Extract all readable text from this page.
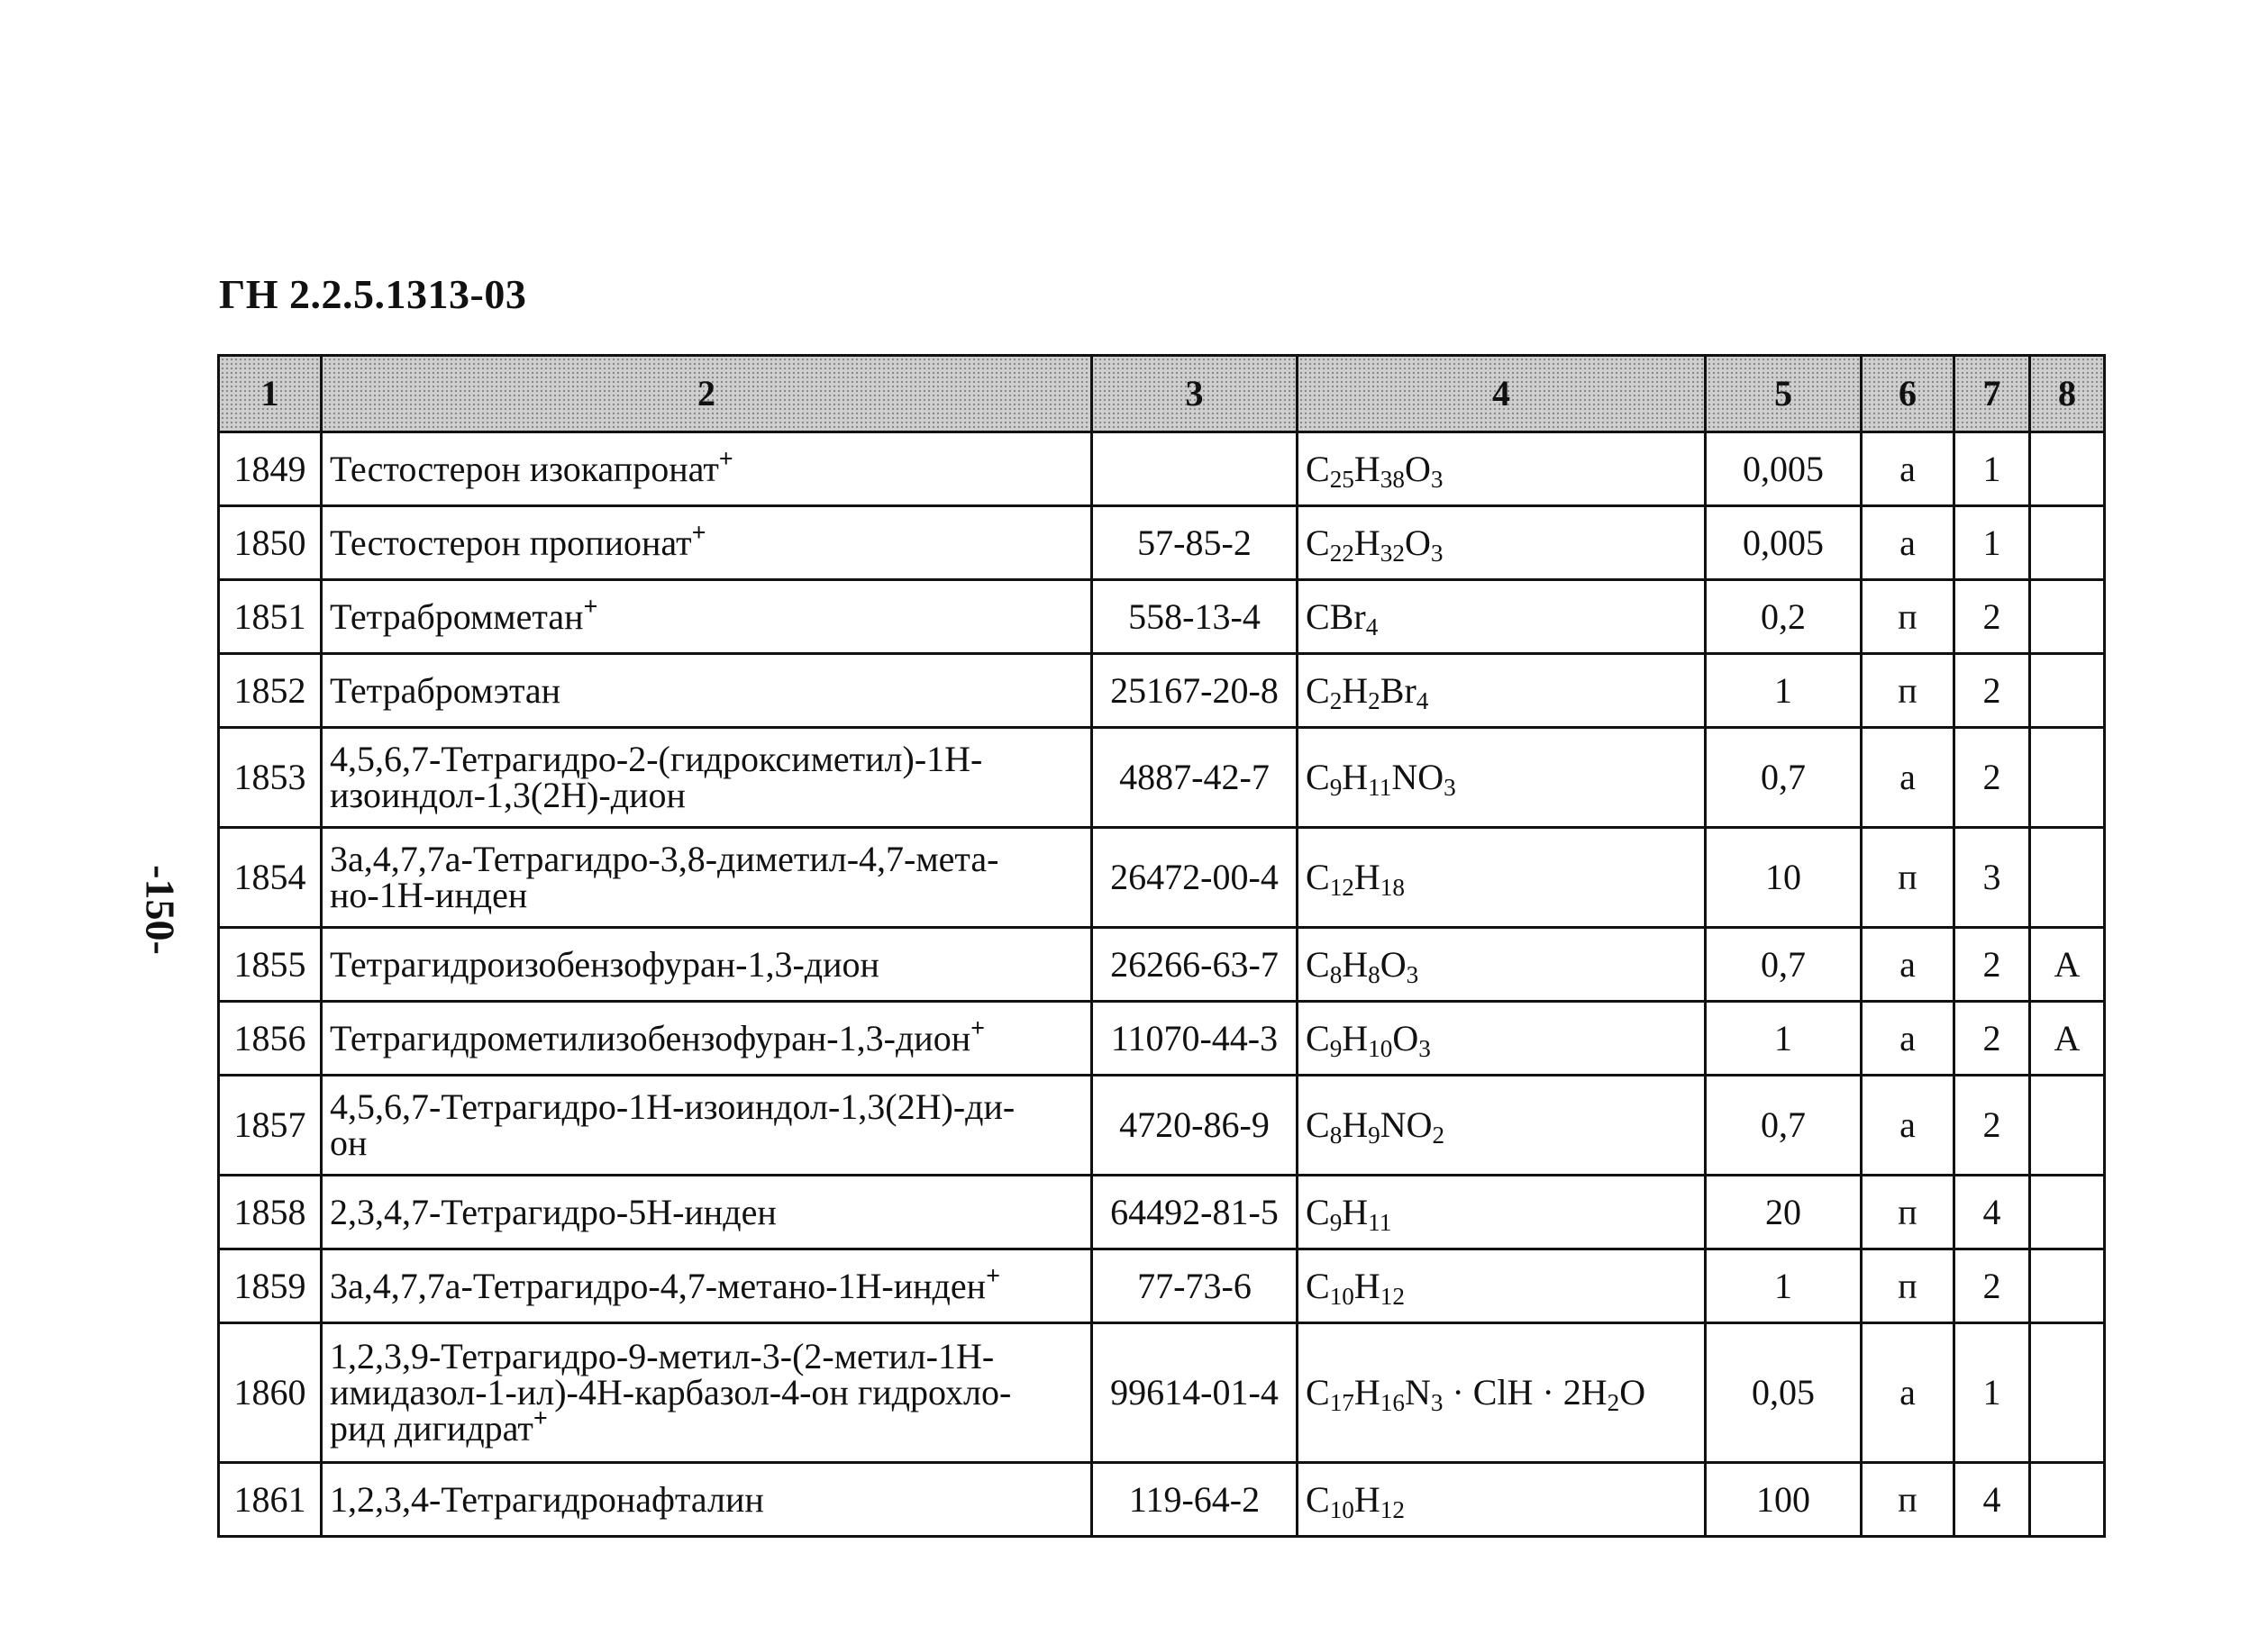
ГН 2.2.5.1313-03
-150-
1	2	3	4	5	6	7	8
1849	Тестостерон изокапронат+		$C_{25}H_{38}O_3$	0,005	а	1	
1850	Тестостерон пропионат+	57-85-2	$C_{22}H_{32}O_3$	0,005	а	1	
1851	Тетрабромметан+	558-13-4	CBr$_4$	0,2	п	2	
1852	Тетрабромэтан	25167-20-8	$C_2H_2Br_4$	1	п	2	
1853	4,5,6,7-Тетрагидро-2-(гидроксиметил)-1Н-
изоиндол-1,3(2Н)-дион	4887-42-7	$C_9H_{11}NO_3$	0,7	а	2	
1854	3а,4,7,7а-Тетрагидро-3,8-диметил-4,7-мета-
но-1Н-инден	26472-00-4	$C_{12}H_{18}$	10	п	3	
1855	Тетрагидроизобензофуран-1,3-дион	26266-63-7	$C_8H_8O_3$	0,7	а	2	А
1856	Тетрагидрометилизобензофуран-1,3-дион+	11070-44-3	$C_9H_{10}O_3$	1	а	2	А
1857	4,5,6,7-Тетрагидро-1Н-изоиндол-1,3(2Н)-ди-
он	4720-86-9	$C_8H_9NO_2$	0,7	а	2	
1858	2,3,4,7-Тетрагидро-5Н-инден	64492-81-5	$C_9H_{11}$	20	п	4	
1859	3а,4,7,7а-Тетрагидро-4,7-метано-1Н-инден+	77-73-6	$C_{10}H_{12}$	1	п	2	
1860	1,2,3,9-Тетрагидро-9-метил-3-(2-метил-1Н-
имидазол-1-ил)-4Н-карбазол-4-он гидрохло-
рид дигидрат+	99614-01-4	$C_{17}H_{16}N_3$ · ClH · $2H_2O$	0,05	а	1	
1861	1,2,3,4-Тетрагидронафталин	119-64-2	$C_{10}H_{12}$	100	п	4	
